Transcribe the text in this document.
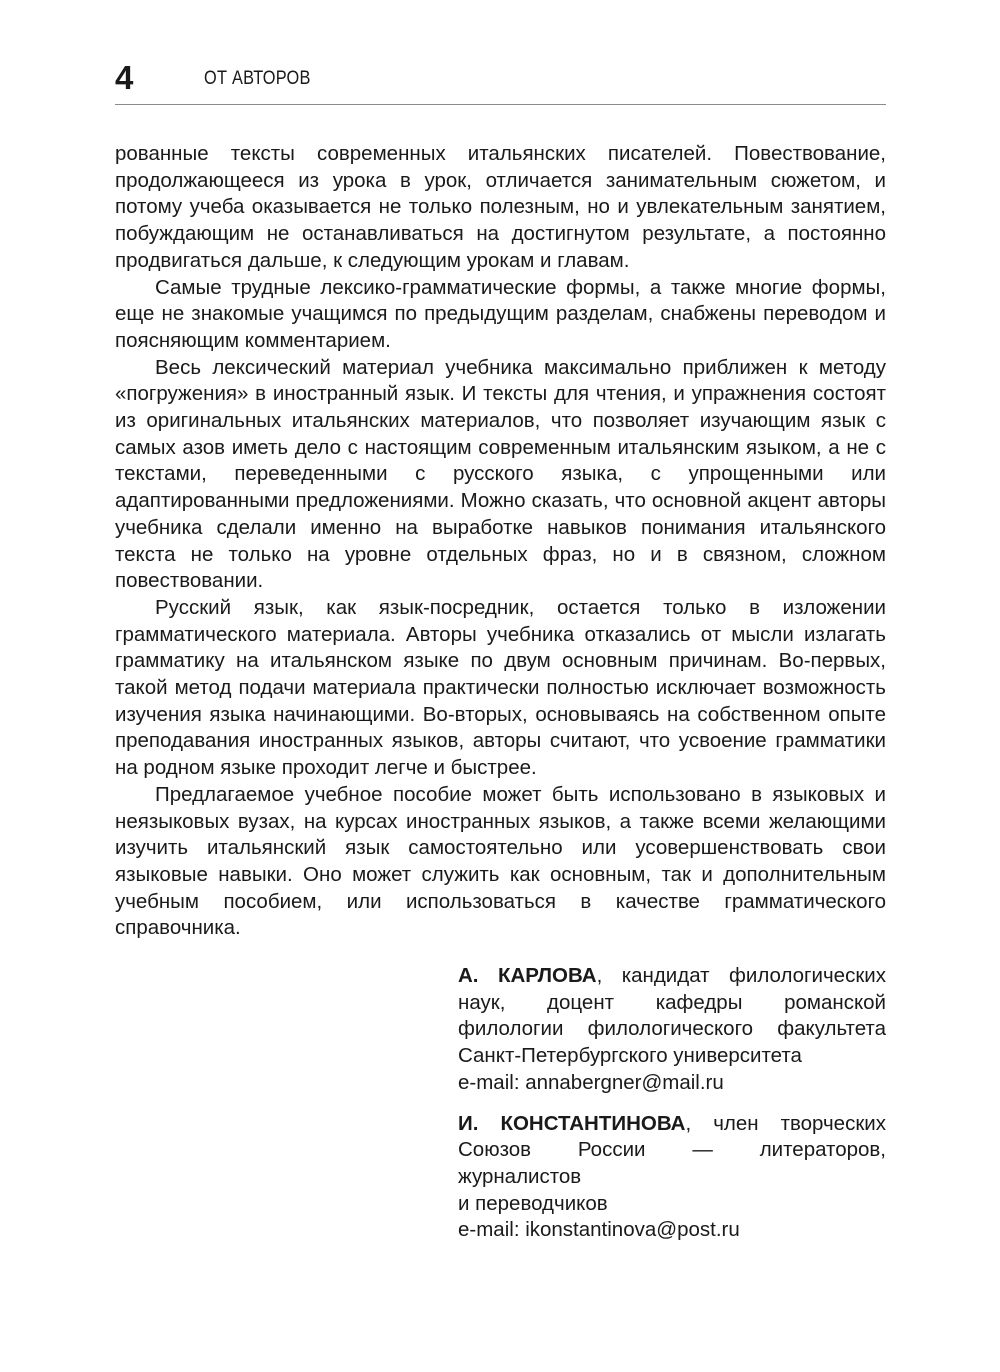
4	ОТ АВТОРОВ

рованные тексты современных итальянских писателей. Повествование, продолжающееся из урока в урок, отличается занимательным сюжетом, и потому учеба оказывается не только полезным, но и увлекательным занятием, побуждающим не останавливаться на достигнутом результате, а постоянно продвигаться дальше, к следующим урокам и главам.

Самые трудные лексико-грамматические формы, а также многие формы, еще не знакомые учащимся по предыдущим разделам, снабжены переводом и поясняющим комментарием.

Весь лексический материал учебника максимально приближен к методу «погружения» в иностранный язык. И тексты для чтения, и упражнения состоят из оригинальных итальянских материалов, что позволяет изучающим язык с самых азов иметь дело с настоящим современным итальянским языком, а не с текстами, переведенными с русского языка, с упрощенными или адаптированными предложениями. Можно сказать, что основной акцент авторы учебника сделали именно на выработке навыков понимания итальянского текста не только на уровне отдельных фраз, но и в связном, сложном повествовании.

Русский язык, как язык-посредник, остается только в изложении грамматического материала. Авторы учебника отказались от мысли излагать грамматику на итальянском языке по двум основным причинам. Во-первых, такой метод подачи материала практически полностью исключает возможность изучения языка начинающими. Во-вторых, основываясь на собственном опыте преподавания иностранных языков, авторы считают, что усвоение грамматики на родном языке проходит легче и быстрее.

Предлагаемое учебное пособие может быть использовано в языковых и неязыковых вузах, на курсах иностранных языков, а также всеми желающими изучить итальянский язык самостоятельно или усовершенствовать свои языковые навыки. Оно может служить как основным, так и дополнительным учебным пособием, или использоваться в качестве грамматического справочника.

А. КАРЛОВА, кандидат филологических наук, доцент кафедры романской
филологии филологического факультета
Санкт-Петербургского университета
e-mail: annabergner@mail.ru
И. КОНСТАНТИНОВА, член творческих Союзов России — литераторов, журналистов
и переводчиков
e-mail: ikonstantinova@post.ru
